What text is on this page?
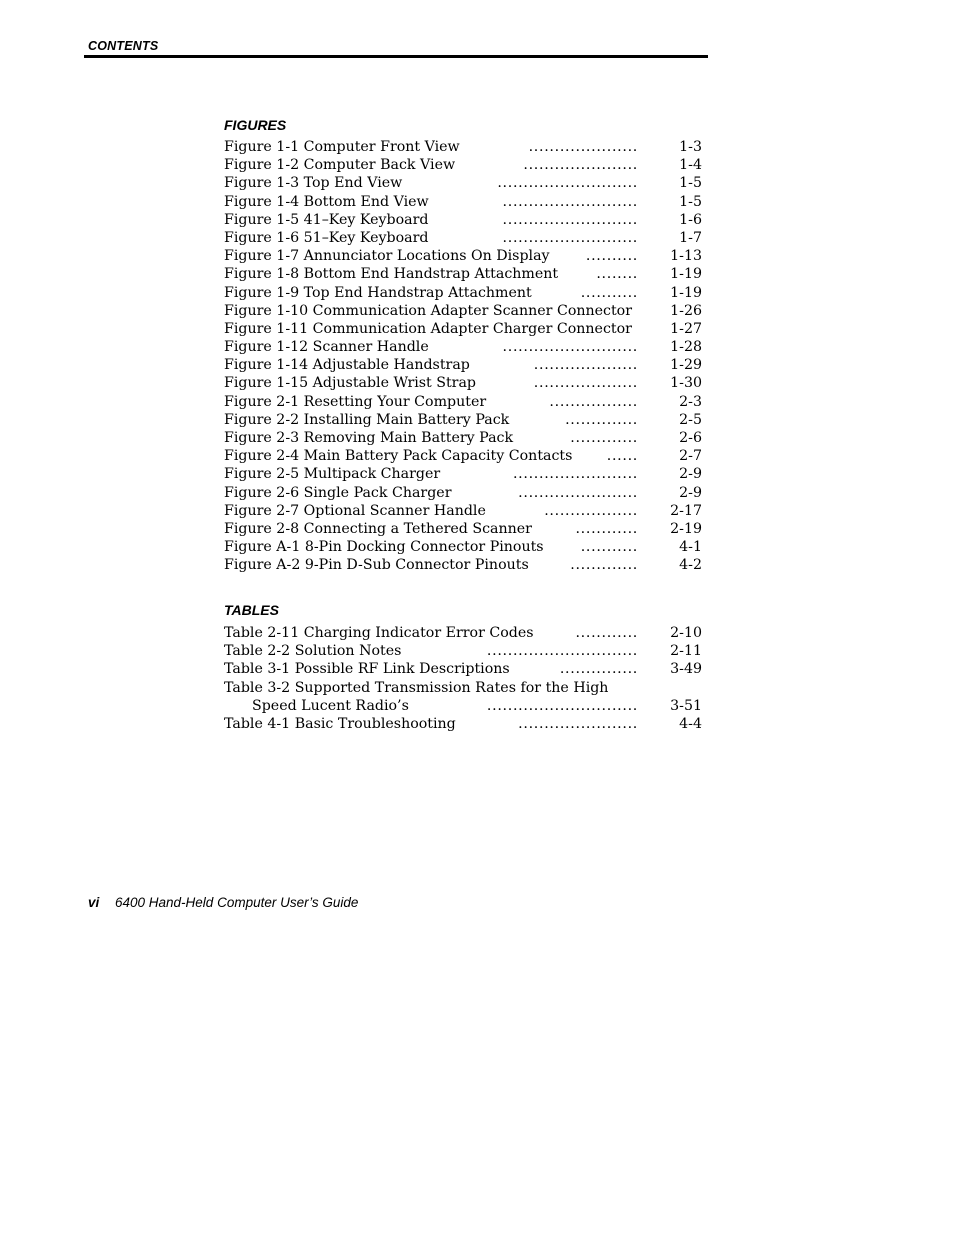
CONTENTS
FIGURES
Figure 1-1 Computer Front View	.....................	1-3
Figure 1-2 Computer Back View	......................	1-4
Figure 1-3 Top End View	...........................	1-5
Figure 1-4 Bottom End View	..........................	1-5
Figure 1-5 41–Key Keyboard	..........................	1-6
Figure 1-6 51–Key Keyboard	..........................	1-7
Figure 1-7 Annunciator Locations On Display	.......... 1-13
Figure 1-8 Bottom End Handstrap Attachment	........ 1-19
Figure 1-9 Top End Handstrap Attachment	........... 1-19
Figure 1-10 Communication Adapter Scanner Connector	1-26
Figure 1-11 Communication Adapter Charger Connector	1-27
Figure 1-12 Scanner Handle	.......................... 1-28
Figure 1-14 Adjustable Handstrap	.................... 1-29
Figure 1-15 Adjustable Wrist Strap	.................... 1-30
Figure 2-1 Resetting Your Computer	.................	2-3
Figure 2-2 Installing Main Battery Pack	..............	2-5
Figure 2-3 Removing Main Battery Pack	.............	2-6
Figure 2-4 Main Battery Pack Capacity Contacts ......	2-7
Figure 2-5 Multipack Charger	........................	2-9
Figure 2-6 Single Pack Charger	.......................	2-9
Figure 2-7 Optional Scanner Handle	.................. 2-17
Figure 2-8 Connecting a Tethered Scanner	............ 2-19
Figure A-1 8-Pin Docking Connector Pinouts	...........	4-1
Figure A-2 9-Pin D-Sub Connector Pinouts	.............	4-2
TABLES
Table 2-11 Charging Indicator Error Codes	............ 2-10
Table 2-2 Solution Notes	............................. 2-11
Table 3-1 Possible RF Link Descriptions	............... 3-49
Table 3-2 Supported Transmission Rates for the High
Speed Lucent Radio’s	............................. 3-51
Table 4-1 Basic Troubleshooting	.......................	4-4
vi 6400 Hand-Held Computer User’s Guide
